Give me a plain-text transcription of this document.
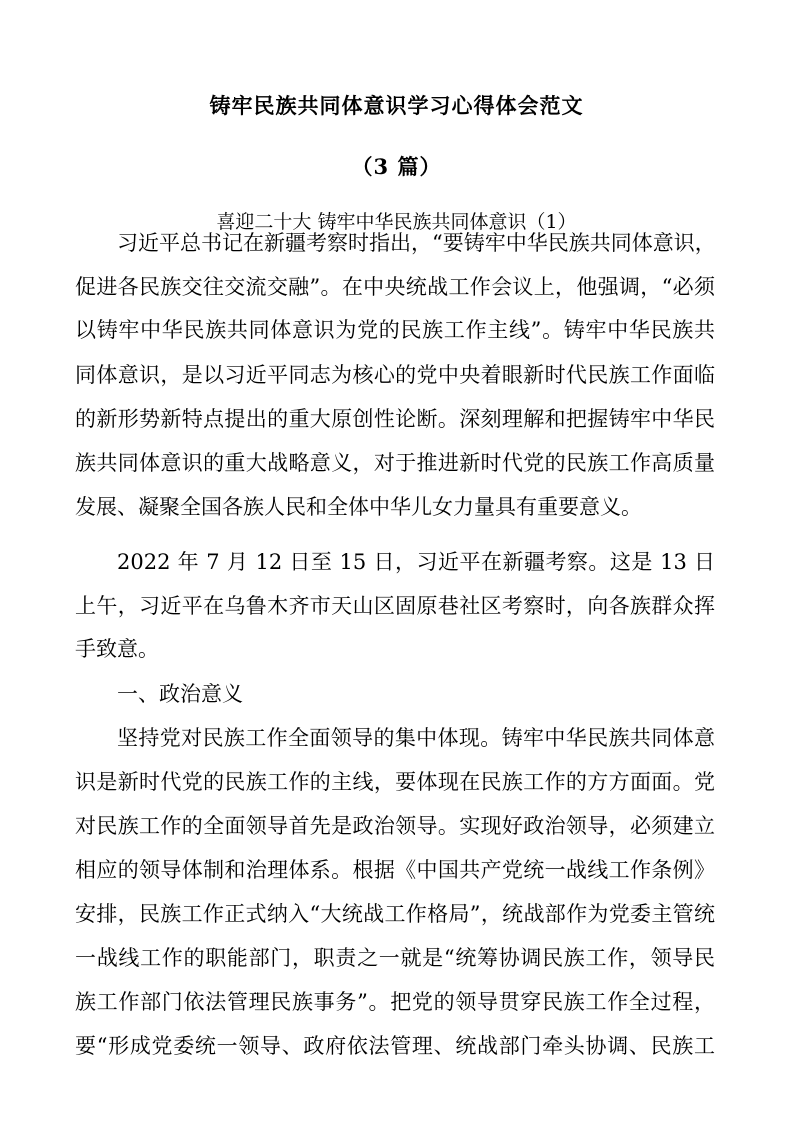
铸牢民族共同体意识学习心得体会范文
（3 篇）
喜迎二十大 铸牢中华民族共同体意识（1）
习近平总书记在新疆考察时指出，“要铸牢中华民族共同体意识，
促进各民族交往交流交融”。在中央统战工作会议上，他强调，“必须
以铸牢中华民族共同体意识为党的民族工作主线”。铸牢中华民族共
同体意识，是以习近平同志为核心的党中央着眼新时代民族工作面临
的新形势新特点提出的重大原创性论断。深刻理解和把握铸牢中华民
族共同体意识的重大战略意义，对于推进新时代党的民族工作高质量
发展、凝聚全国各族人民和全体中华儿女力量具有重要意义。
2022 年 7 月 12 日至 15 日，习近平在新疆考察。这是 13 日
上午，习近平在乌鲁木齐市天山区固原巷社区考察时，向各族群众挥
手致意。
一、政治意义
坚持党对民族工作全面领导的集中体现。铸牢中华民族共同体意
识是新时代党的民族工作的主线，要体现在民族工作的方方面面。党
对民族工作的全面领导首先是政治领导。实现好政治领导，必须建立
相应的领导体制和治理体系。根据《中国共产党统一战线工作条例》
安排，民族工作正式纳入“大统战工作格局”，统战部作为党委主管统
一战线工作的职能部门，职责之一就是“统筹协调民族工作，领导民
族工作部门依法管理民族事务”。把党的领导贯穿民族工作全过程，
要“形成党委统一领导、政府依法管理、统战部门牵头协调、民族工
